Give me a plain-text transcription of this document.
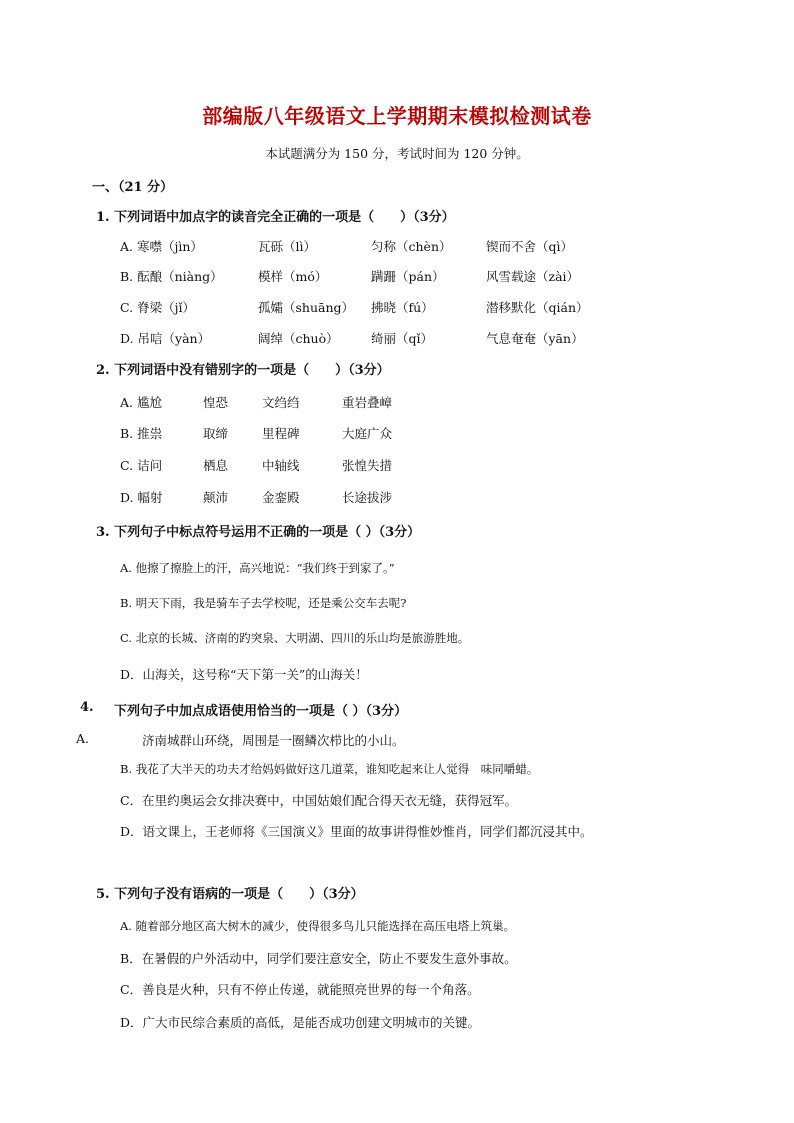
部编版八年级语文上学期期末模拟检测试卷
本试题满分为 150 分，考试时间为 120 分钟。
一、（21 分）
1. 下列词语中加点字的读音完全正确的一项是（　　）（3分）
A. 寒噤（jìn）	瓦砾（lì）	匀称（chèn）	锲而不舍（qì）
B. 酝酿（niàng）	模样（mó）	蹒跚（pán）	风雪载途（zài）
C. 脊梁（jǐ）	孤孀（shuāng） 拂晓（fú）	潜移默化（qián）
D. 吊唁（yàn）	阔绰（chuò）	绮丽（qǐ）	气息奄奄（yān）
2. 下列词语中没有错别字的一项是（　　）（3分）
A. 尴尬	惶恐	文绉绉	重岩叠嶂
B. 推祟	取缔	里程碑	大庭广众
C. 诘问	栖息	中轴线	张惶失措
D. 幅射	颠沛	金銮殿	长途拔涉
3. 下列句子中标点符号运用不正确的一项是（ ）（3分）
A. 他擦了擦脸上的汗，高兴地说：“我们终于到家了。”
B. 明天下雨，我是骑车子去学校呢，还是乘公交车去呢?
C. 北京的长城、济南的趵突泉、大明湖、四川的乐山均是旅游胜地。
D．山海关，这号称“天下第一关”的山海关！
4. 下列句子中加点成语使用恰当的一项是（ ）（3分）
A.	济南城群山环绕，周围是一圈鳞次栉比的小山。
B. 我花了大半天的功夫才给妈妈做好这几道菜，谁知吃起来让人觉得　味同嚼蜡。
C．在里约奥运会女排决赛中，中国姑娘们配合得天衣无缝，获得冠军。
D．语文课上，王老师将《三国演义》里面的故事讲得惟妙惟肖，同学们都沉浸其中。
5. 下列句子没有语病的一项是（　　）（3分）
A. 随着部分地区高大树木的减少，使得很多鸟儿只能选择在高压电塔上筑巢。
B．在暑假的户外活动中，同学们要注意安全，防止不要发生意外事故。
C．善良是火种，只有不停止传递，就能照亮世界的每一个角落。
D．广大市民综合素质的高低，是能否成功创建文明城市的关键。
